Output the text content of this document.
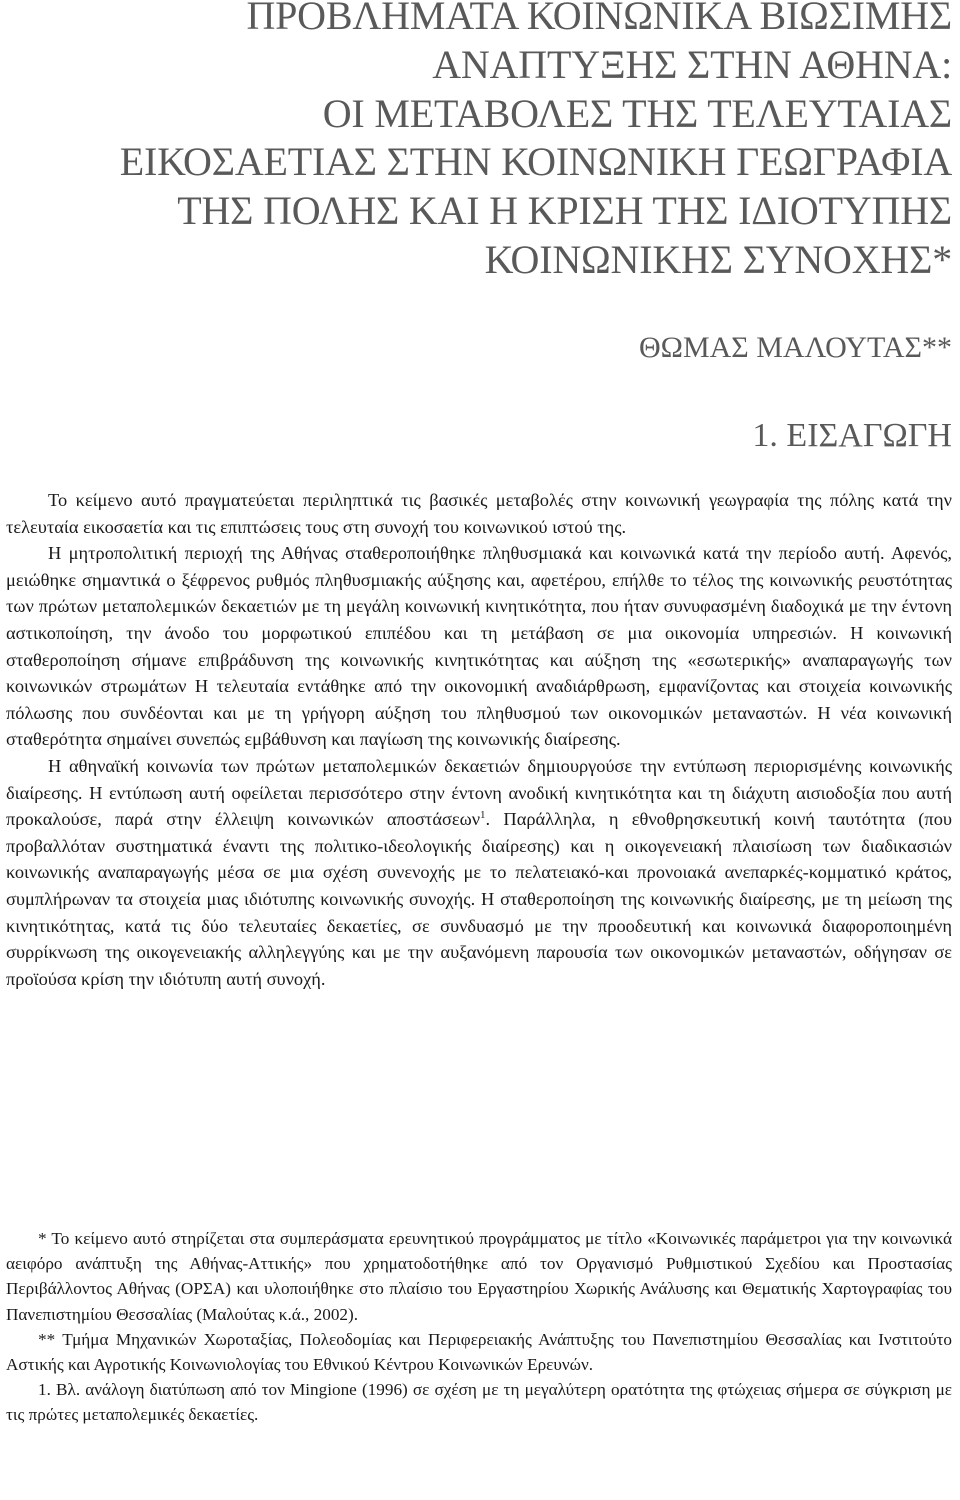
ΠΡΟΒΛΗΜΑΤΑ ΚΟΙΝΩΝΙΚΑ ΒΙΩΣΙΜΗΣ
ΑΝΑΠΤΥΞΗΣ ΣΤΗΝ ΑΘΗΝΑ:
ΟΙ ΜΕΤΑΒΟΛΕΣ ΤΗΣ ΤΕΛΕΥΤΑΙΑΣ
ΕΙΚΟΣΑΕΤΙΑΣ ΣΤΗΝ ΚΟΙΝΩΝΙΚΗ ΓΕΩΓΡΑΦΙΑ
ΤΗΣ ΠΟΛΗΣ ΚΑΙ Η ΚΡΙΣΗ ΤΗΣ ΙΔΙΟΤΥΠΗΣ
ΚΟΙΝΩΝΙΚΗΣ ΣΥΝΟΧΗΣ*
ΘΩΜΑΣ ΜΑΛΟΥΤΑΣ**
1. ΕΙΣΑΓΩΓΗ

Το κείμενο αυτό πραγματεύεται περιληπτικά τις βασικές μεταβολές στην κοινωνική γεωγραφία της πόλης κατά την τελευταία εικοσαετία και τις επιπτώσεις τους στη συνοχή του κοινωνικού ιστού της.

Η μητροπολιτική περιοχή της Αθήνας σταθεροποιήθηκε πληθυσμιακά και κοινωνικά κατά την περίοδο αυτή. Αφενός, μειώθηκε σημαντικά ο ξέφρενος ρυθμός πληθυσμιακής αύξησης και, αφετέρου, επήλθε το τέλος της κοινωνικής ρευστότητας των πρώτων μεταπολεμικών δεκαετιών με τη μεγάλη κοινωνική κινητικότητα, που ήταν συνυφασμένη διαδοχικά με την έντονη αστικοποίηση, την άνοδο του μορφωτικού επιπέδου και τη μετάβαση σε μια οικονομία υπηρεσιών. Η κοινωνική σταθεροποίηση σήμανε επιβράδυνση της κοινωνικής κινητικότητας και αύξηση της «εσωτερικής» αναπαραγωγής των κοινωνικών στρωμάτων Η τελευταία εντάθηκε από την οικονομική αναδιάρθρωση, εμφανίζοντας και στοιχεία κοινωνικής πόλωσης που συνδέονται και με τη γρήγορη αύξηση του πληθυσμού των οικονομικών μεταναστών. Η νέα κοινωνική σταθερότητα σημαίνει συνεπώς εμβάθυνση και παγίωση της κοινωνικής διαίρεσης.

Η αθηναϊκή κοινωνία των πρώτων μεταπολεμικών δεκαετιών δημιουργούσε την εντύπωση περιορισμένης κοινωνικής διαίρεσης. Η εντύπωση αυτή οφείλεται περισσότερο στην έντονη ανοδική κινητικότητα και τη διάχυτη αισιοδοξία που αυτή προκαλούσε, παρά στην έλλειψη κοινωνικών αποστάσεων$^1$. Παράλληλα, η εθνοθρησκευτική κοινή ταυτότητα (που προβαλλόταν συστηματικά έναντι της πολιτικο-ιδεολογικής διαίρεσης) και η οικογενειακή πλαισίωση των διαδικασιών κοινωνικής αναπαραγωγής μέσα σε μια σχέση συνενοχής με το πελατειακό-και προνοιακά ανεπαρκές-κομματικό κράτος, συμπλήρωναν τα στοιχεία μιας ιδιότυπης κοινωνικής συνοχής. Η σταθεροποίηση της κοινωνικής διαίρεσης, με τη μείωση της κινητικότητας, κατά τις δύο τελευταίες δεκαετίες, σε συνδυασμό με την προοδευτική και κοινωνικά διαφοροποιημένη συρρίκνωση της οικογενειακής αλληλεγγύης και με την αυξανόμενη παρουσία των οικονομικών μεταναστών, οδήγησαν σε προϊούσα κρίση την ιδιότυπη αυτή συνοχή.

* Το κείμενο αυτό στηρίζεται στα συμπεράσματα ερευνητικού προγράμματος με τίτλο «Κοινωνικές παράμετροι για την κοινωνικά αειφόρο ανάπτυξη της Αθήνας-Αττικής» που χρηματοδοτήθηκε από τον Οργανισμό Ρυθμιστικού Σχεδίου και Προστασίας Περιβάλλοντος Αθήνας (ΟΡΣΑ) και υλοποιήθηκε στο πλαίσιο του Εργαστηρίου Χωρικής Ανάλυσης και Θεματικής Χαρτογραφίας του Πανεπιστημίου Θεσσαλίας (Μαλούτας κ.ά., 2002).

** Τμήμα Μηχανικών Χωροταξίας, Πολεοδομίας και Περιφερειακής Ανάπτυξης του Πανεπιστημίου Θεσσαλίας και Ινστιτούτο Αστικής και Αγροτικής Κοινωνιολογίας του Εθνικού Κέντρου Κοινωνικών Ερευνών.

1. Βλ. ανάλογη διατύπωση από τον Mingione (1996) σε σχέση με τη μεγαλύτερη ορατότητα της φτώχειας σήμερα σε σύγκριση με τις πρώτες μεταπολεμικές δεκαετίες.
